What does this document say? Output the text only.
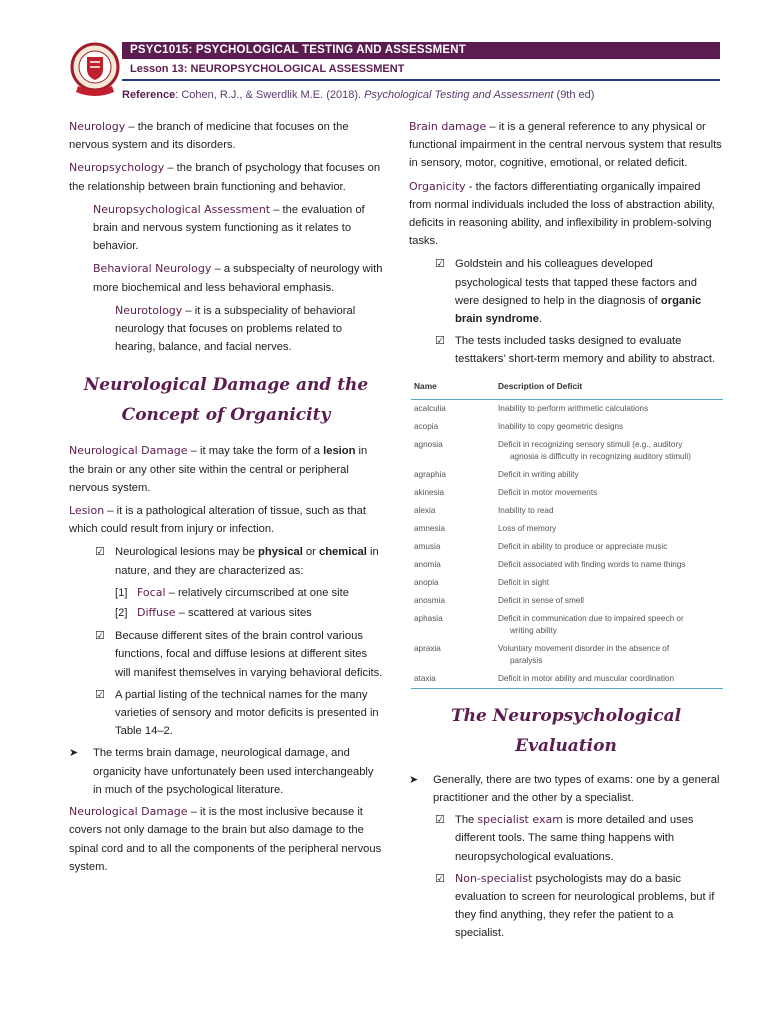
PSYC1015: PSYCHOLOGICAL TESTING AND ASSESSMENT
Lesson 13: NEUROPSYCHOLOGICAL ASSESSMENT
Reference: Cohen, R.J., & Swerdlik M.E. (2018). Psychological Testing and Assessment (9th ed)

Neurology – the branch of medicine that focuses on the nervous system and its disorders.

Neuropsychology – the branch of psychology that focuses on the relationship between brain functioning and behavior.

Neuropsychological Assessment – the evaluation of brain and nervous system functioning as it relates to behavior.

Behavioral Neurology – a subspecialty of neurology with more biochemical and less behavioral emphasis.

Neurotology – it is a subspeciality of behavioral neurology that focuses on problems related to hearing, balance, and facial nerves.

Neurological Damage and the
Concept of Organicity

Neurological Damage – it may take the form of a lesion in the brain or any other site within the central or peripheral nervous system.

Lesion – it is a pathological alteration of tissue, such as that which could result from injury or infection.

☑ Neurological lesions may be physical or chemical in nature, and they are characterized as:
[1] Focal – relatively circumscribed at one site
[2] Diffuse – scattered at various sites
☑ Because different sites of the brain control various functions, focal and diffuse lesions at different sites will manifest themselves in varying behavioral deficits.
☑ A partial listing of the technical names for the many varieties of sensory and motor deficits is presented in Table 14–2.
➤	The terms brain damage, neurological damage, and organicity have unfortunately been used interchangeably in much of the psychological literature.

Neurological Damage – it is the most inclusive because it covers not only damage to the brain but also damage to the spinal cord and to all the components of the peripheral nervous system.

Brain damage – it is a general reference to any physical or functional impairment in the central nervous system that results in sensory, motor, cognitive, emotional, or related deficit.

Organicity - the factors differentiating organically impaired from normal individuals included the loss of abstraction ability, deficits in reasoning ability, and inflexibility in problem-solving tasks.

☑ Goldstein and his colleagues developed psychological tests that tapped these factors and were designed to help in the diagnosis of organic brain syndrome.
☑ The tests included tasks designed to evaluate testtakers’ short-term memory and ability to abstract.
Name	Description of Deficit
acalculia	Inability to perform arithmetic calculations

acopia	Inability to copy geometric designs

agnosia	Deficit in recognizing sensory stimuli (e.g., auditory
agnosia is difficulty in recognizing auditory stimuli)

agraphia	Deficit in writing ability

akinesia	Deficit in motor movements

alexia	Inability to read

amnesia	Loss of memory

amusia	Deficit in ability to produce or appreciate music

anomia	Deficit associated with finding words to name things

anopia	Deficit in sight

anosmia	Deficit in sense of smell

aphasia	Deficit in communication due to impaired speech or
writing ability

apraxia	Voluntary movement disorder in the absence of
paralysis

ataxia	Deficit in motor ability and muscular coordination
The Neuropsychological Evaluation
➤	Generally, there are two types of exams: one by a general practitioner and the other by a specialist.
☑ The specialist exam is more detailed and uses different tools. The same thing happens with neuropsychological evaluations.
☑ Non-specialist psychologists may do a basic evaluation to screen for neurological problems, but if they find anything, they refer the patient to a specialist.
